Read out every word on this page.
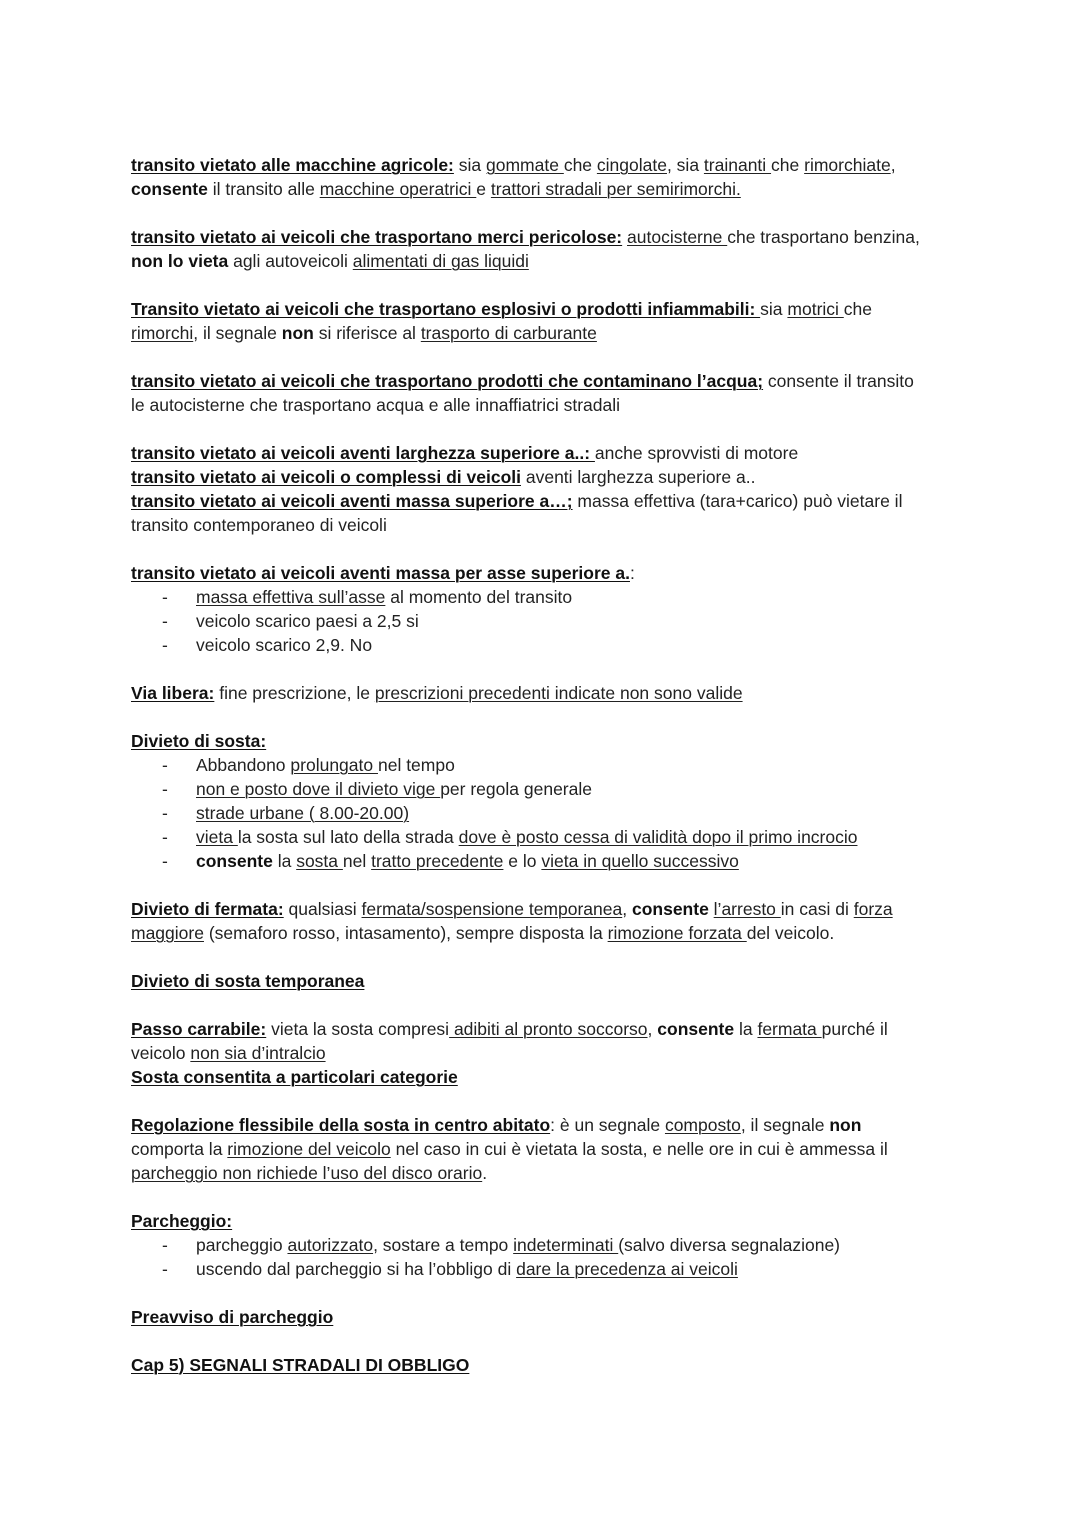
transito vietato alle macchine agricole: sia gommate che cingolate, sia trainanti che rimorchiate,

consente il transito alle macchine operatrici e trattori stradali per semirimorchi.

transito vietato ai veicoli che trasportano merci pericolose: autocisterne che trasportano benzina,

non lo vieta agli autoveicoli alimentati di gas liquidi

Transito vietato ai veicoli che trasportano esplosivi o prodotti infiammabili: sia motrici che

rimorchi, il segnale non si riferisce al trasporto di carburante

transito vietato ai veicoli che trasportano prodotti che contaminano l’acqua; consente il transito

le autocisterne che trasportano acqua e alle innaffiatrici stradali

transito vietato ai veicoli aventi larghezza superiore a..: anche sprovvisti di motore

transito vietato ai veicoli o complessi di veicoli aventi larghezza superiore a..

transito vietato ai veicoli aventi massa superiore a…; massa effettiva (tara+carico) può vietare il

transito contemporaneo di veicoli

transito vietato ai veicoli aventi massa per asse superiore a.:

- massa effettiva sull’asse al momento del transito
- veicolo scarico paesi a 2,5 si
- veicolo scarico 2,9. No

Via libera: fine prescrizione, le prescrizioni precedenti indicate non sono valide

Divieto di sosta:

- Abbandono prolungato nel tempo
- non e posto dove il divieto vige per regola generale
- strade urbane ( 8.00-20.00)
- vieta la sosta sul lato della strada dove è posto cessa di validità dopo il primo incrocio
- consente la sosta nel tratto precedente e lo vieta in quello successivo

Divieto di fermata: qualsiasi fermata/sospensione temporanea, consente l’arresto in casi di forza

maggiore (semaforo rosso, intasamento), sempre disposta la rimozione forzata del veicolo.

Divieto di sosta temporanea

Passo carrabile: vieta la sosta compresi adibiti al pronto soccorso, consente la fermata purché il

veicolo non sia d’intralcio

Sosta consentita a particolari categorie

Regolazione flessibile della sosta in centro abitato: è un segnale composto, il segnale non

comporta la rimozione del veicolo nel caso in cui è vietata la sosta, e nelle ore in cui è ammessa il

parcheggio non richiede l’uso del disco orario.

Parcheggio:

- parcheggio autorizzato, sostare a tempo indeterminati (salvo diversa segnalazione)
- uscendo dal parcheggio si ha l’obbligo di dare la precedenza ai veicoli

Preavviso di parcheggio

Cap 5) SEGNALI STRADALI DI OBBLIGO
